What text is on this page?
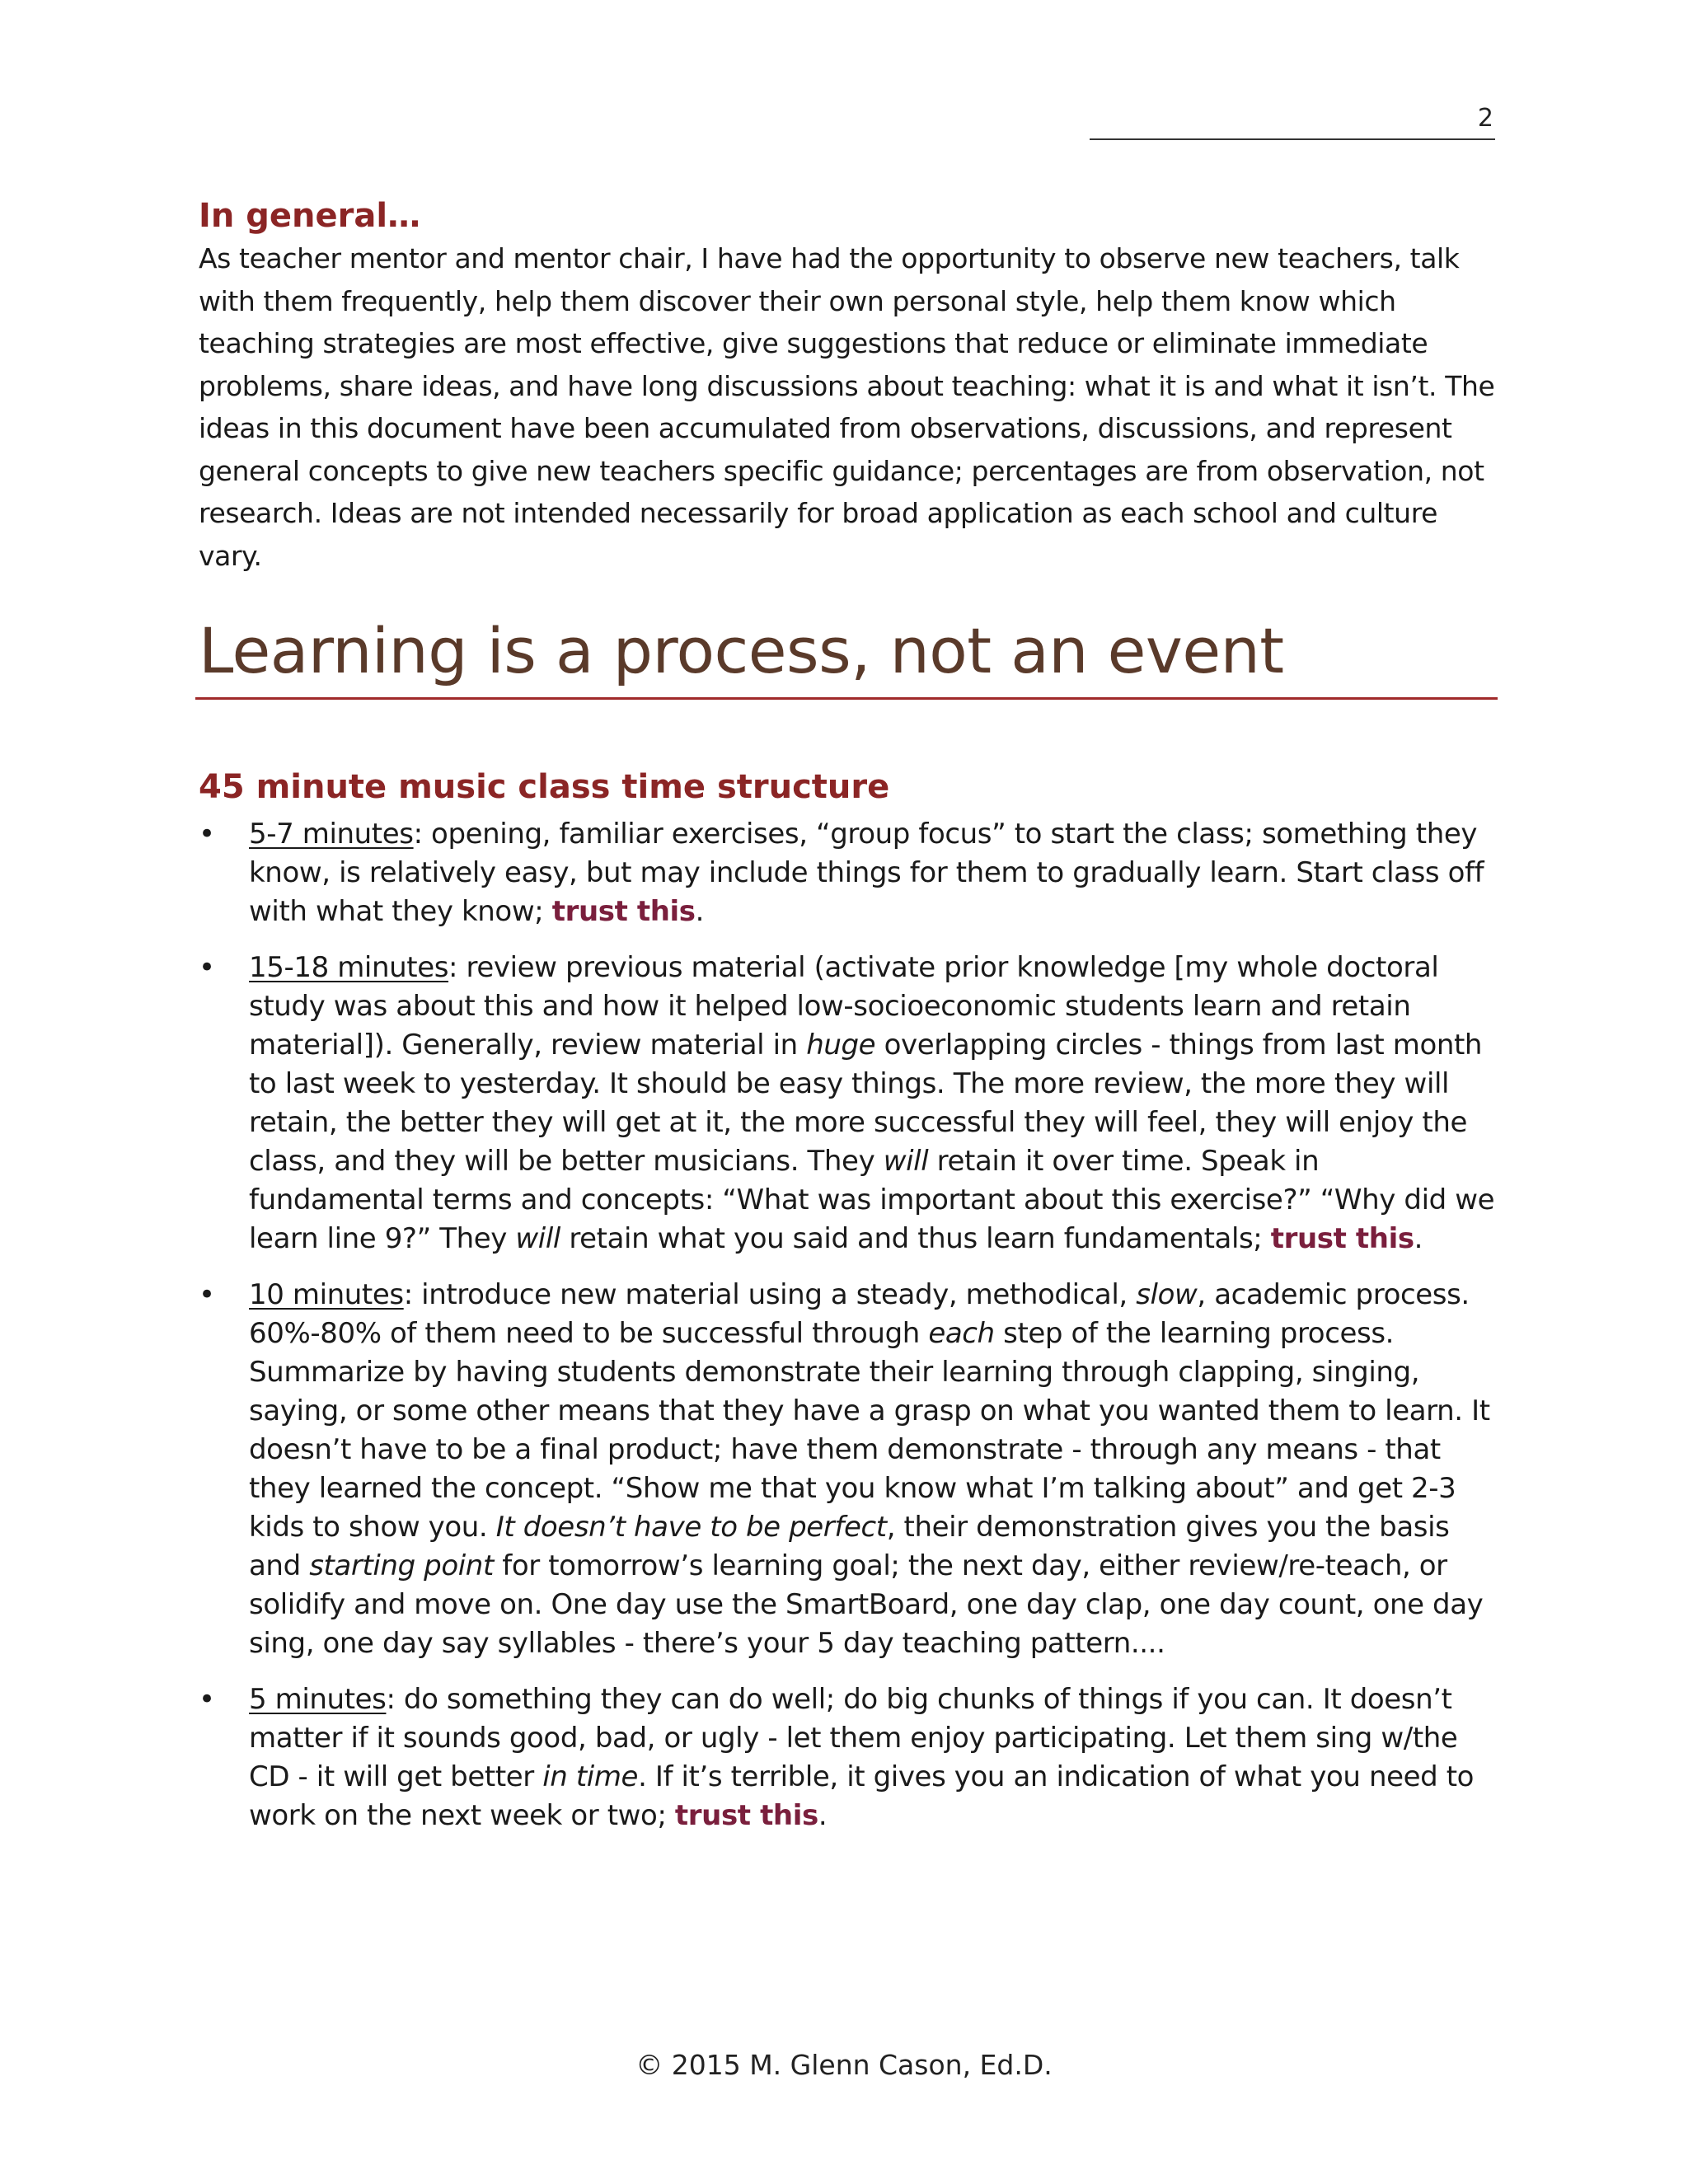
2
In general…

As teacher mentor and mentor chair, I have had the opportunity to observe new teachers, talk with them frequently, help them discover their own personal style, help them know which teaching strategies are most effective, give suggestions that reduce or eliminate immediate problems, share ideas, and have long discussions about teaching: what it is and what it isn’t. The ideas in this document have been accumulated from observations, discussions, and represent general concepts to give new teachers specific guidance; percentages are from observation, not research. Ideas are not intended necessarily for broad application as each school and culture vary.

Learning is a process, not an event
45 minute music class time structure
• 5-7 minutes: opening, familiar exercises, “group focus” to start the class; something they know, is relatively easy, but may include things for them to gradually learn. Start class off with what they know; trust this.
• 15-18 minutes: review previous material (activate prior knowledge [my whole doctoral study was about this and how it helped low-socioeconomic students learn and retain material]). Generally, review material in huge overlapping circles - things from last month to last week to yesterday. It should be easy things. The more review, the more they will retain, the better they will get at it, the more successful they will feel, they will enjoy the class, and they will be better musicians. They will retain it over time. Speak in fundamental terms and concepts: “What was important about this exercise?” “Why did we learn line 9?” They will retain what you said and thus learn fundamentals; trust this.
• 10 minutes: introduce new material using a steady, methodical, slow, academic process. 60%-80% of them need to be successful through each step of the learning process. Summarize by having students demonstrate their learning through clapping, singing, saying, or some other means that they have a grasp on what you wanted them to learn. It doesn’t have to be a final product; have them demonstrate - through any means - that they learned the concept. “Show me that you know what I’m talking about” and get 2-3 kids to show you. It doesn’t have to be perfect, their demonstration gives you the basis and starting point for tomorrow’s learning goal; the next day, either review/re-teach, or solidify and move on. One day use the SmartBoard, one day clap, one day count, one day sing, one day say syllables - there’s your 5 day teaching pattern....
• 5 minutes: do something they can do well; do big chunks of things if you can. It doesn’t matter if it sounds good, bad, or ugly - let them enjoy participating. Let them sing w/the CD - it will get better in time. If it’s terrible, it gives you an indication of what you need to work on the next week or two; trust this.
© 2015 M. Glenn Cason, Ed.D.
